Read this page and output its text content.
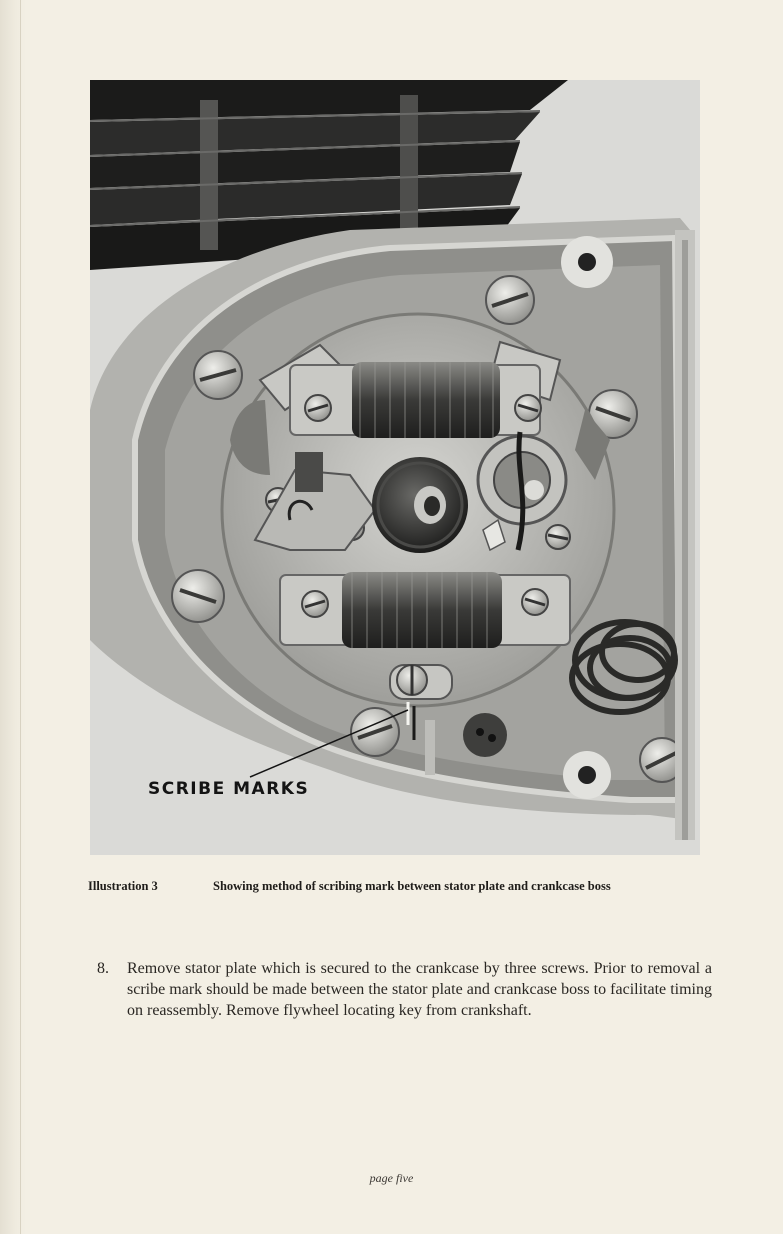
SCRIBE MARKS
Illustration 3	Showing method of scribing mark between stator plate and crankcase boss
8. Remove stator plate which is secured to the crankcase by three screws. Prior to removal a scribe mark should be made between the stator plate and crankcase boss to facilitate timing on reassembly. Remove flywheel locating key from crankshaft.
page five
